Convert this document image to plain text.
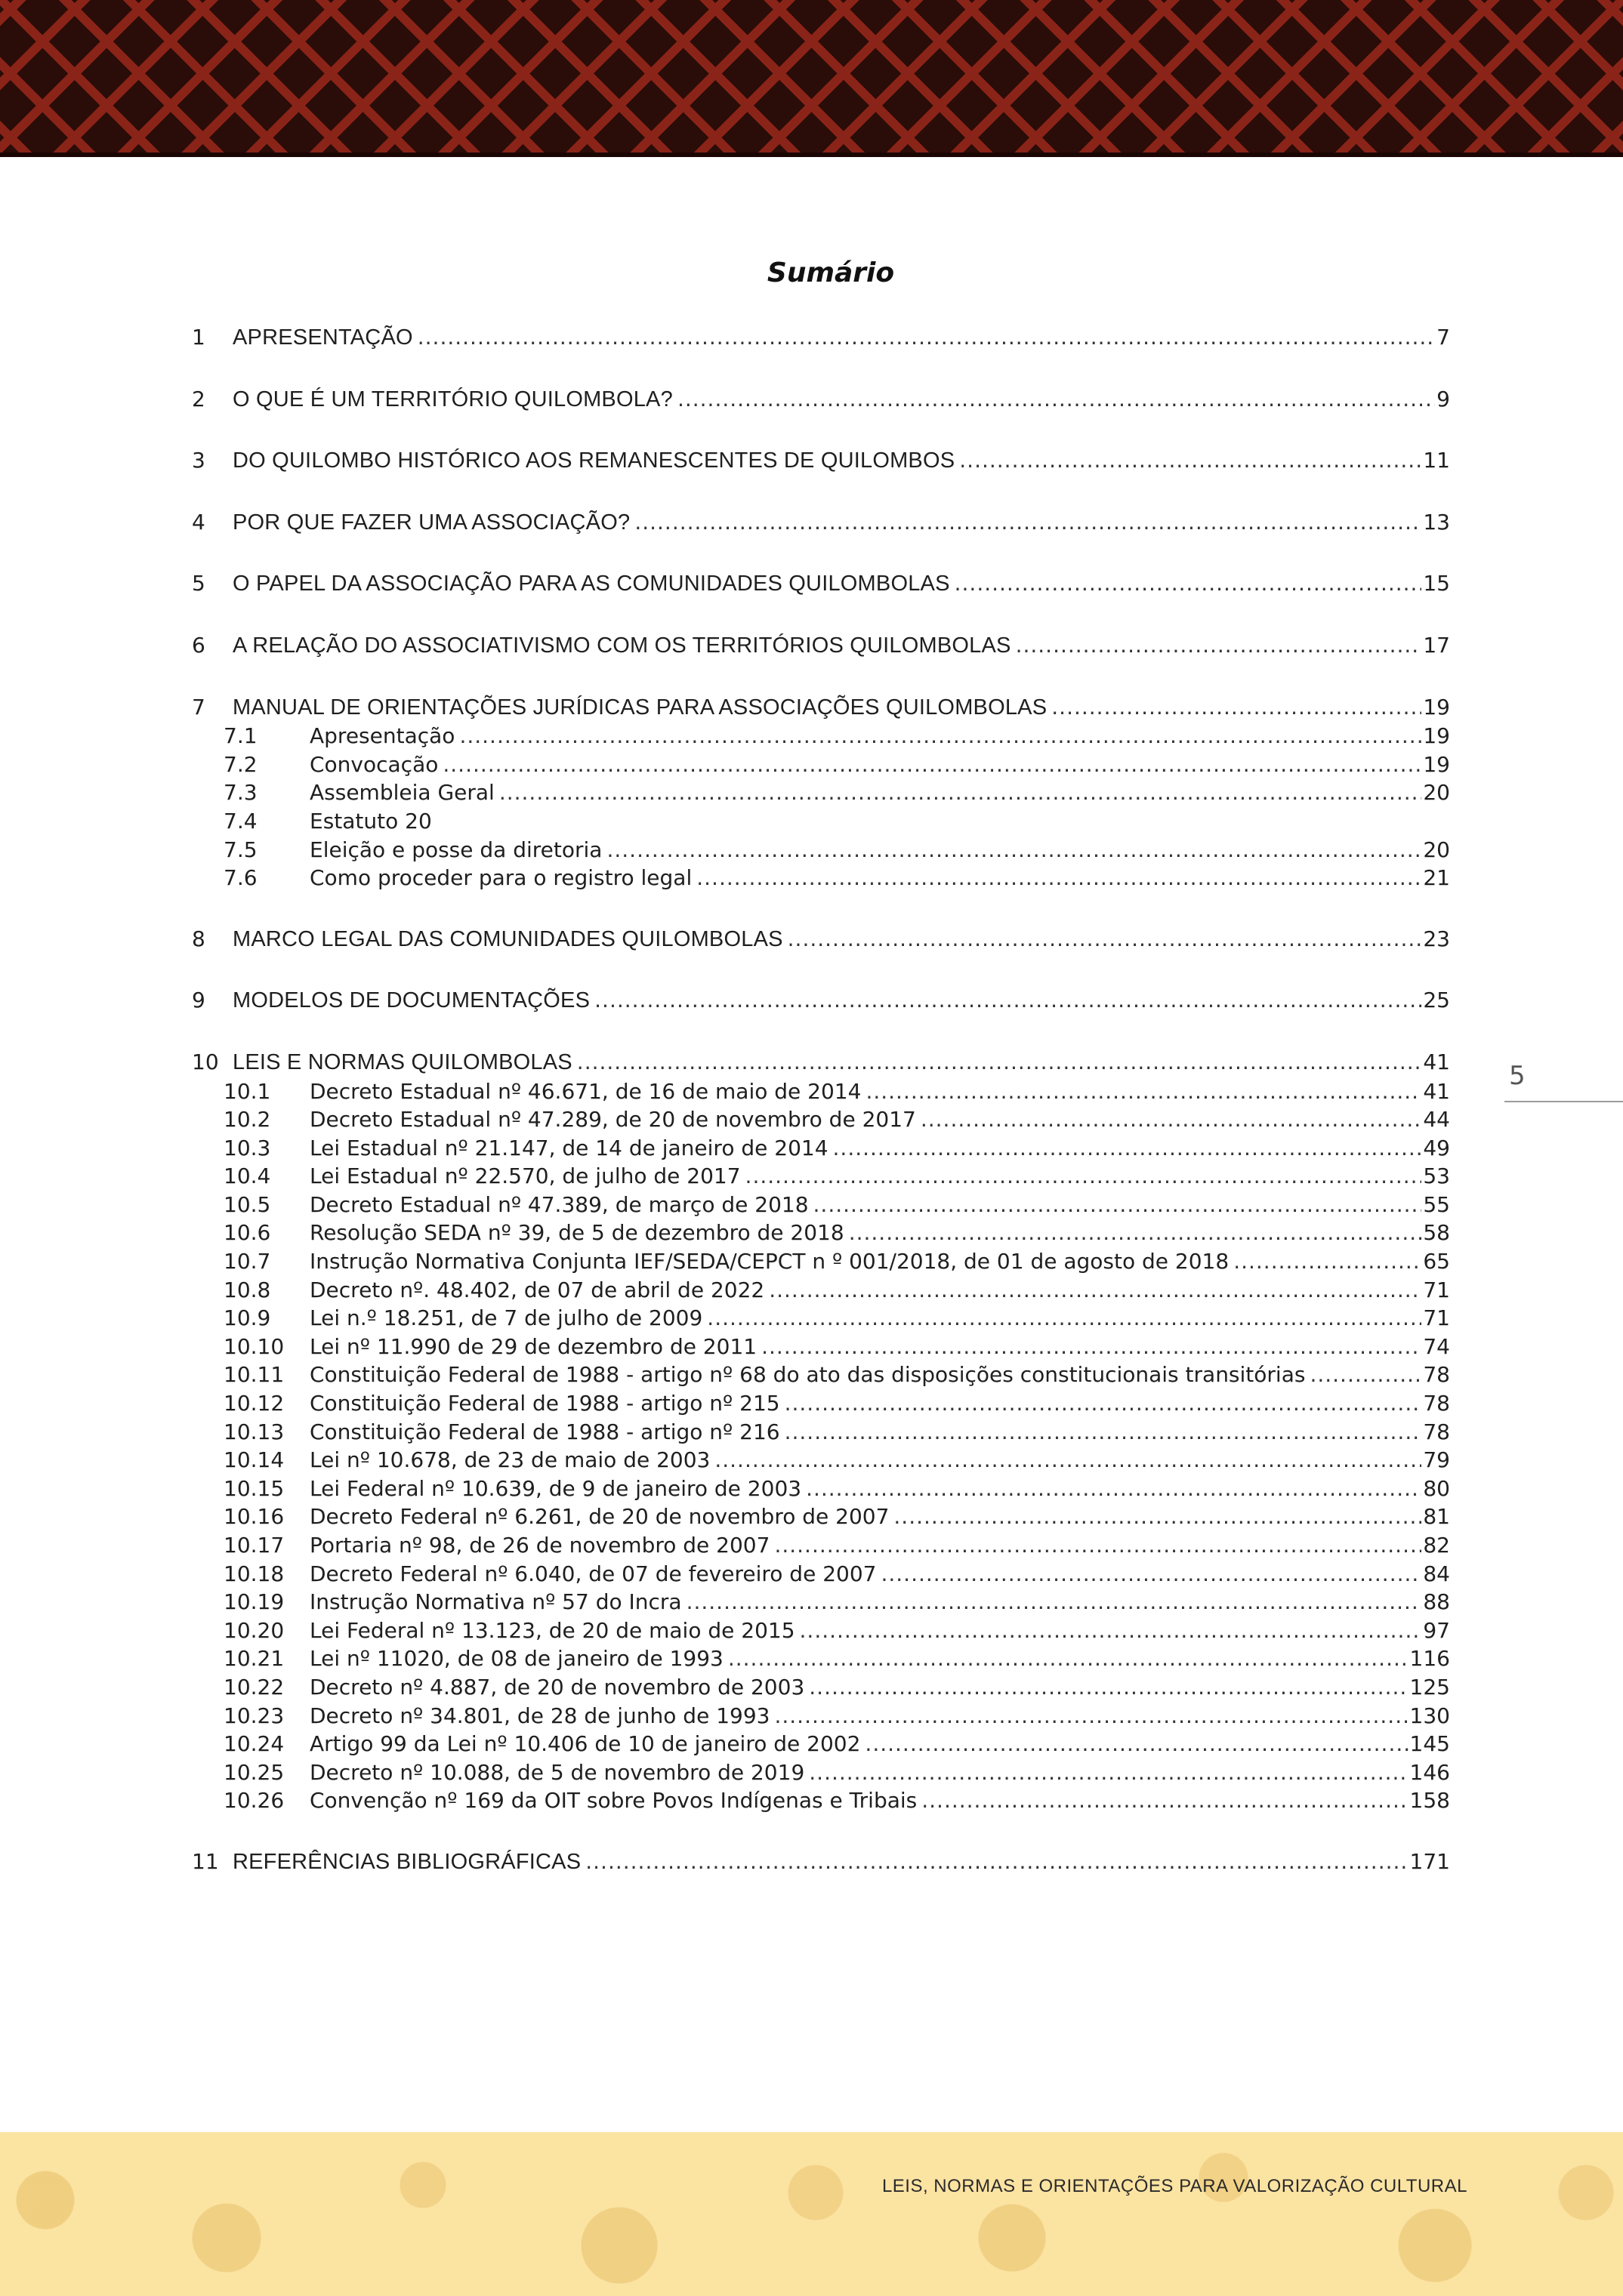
Sumário
1	APRESENTAÇÃO .....	7
2	O QUE É UM TERRITÓRIO QUILOMBOLA? .....	9
3	DO QUILOMBO HISTÓRICO AOS REMANESCENTES DE QUILOMBOS .....	11
4	POR QUE FAZER UMA ASSOCIAÇÃO? .....	13
5	O PAPEL DA ASSOCIAÇÃO PARA AS COMUNIDADES QUILOMBOLAS .....	15
6	A RELAÇÃO DO ASSOCIATIVISMO COM OS TERRITÓRIOS QUILOMBOLAS .....	17
7	MANUAL DE ORIENTAÇÕES JURÍDICAS PARA ASSOCIAÇÕES QUILOMBOLAS .....	19
7.1	Apresentação .....	19
7.2	Convocação .....	19
7.3	Assembleia Geral .....	20
7.4	Estatuto 20
7.5	Eleição e posse da diretoria .....	20
7.6	Como proceder para o registro legal .....	21
8	MARCO LEGAL DAS COMUNIDADES QUILOMBOLAS .....	23
9	MODELOS DE DOCUMENTAÇÕES .....	25
10 LEIS E NORMAS QUILOMBOLAS .....	41
10.1	Decreto Estadual nº 46.671, de 16 de maio de 2014 .....	41
10.2	Decreto Estadual nº 47.289, de 20 de novembro de 2017 .....	44
10.3	Lei Estadual nº 21.147, de 14 de janeiro de 2014 .....	49
10.4	Lei Estadual nº 22.570, de julho de 2017 .....	53
10.5	Decreto Estadual nº 47.389, de março de 2018 .....	55
10.6	Resolução SEDA nº 39, de 5 de dezembro de 2018 .....	58
10.7	Instrução Normativa Conjunta IEF/SEDA/CEPCT n º 001/2018, de 01 de agosto de 2018 .....	65
10.8	Decreto nº. 48.402, de 07 de abril de 2022 .....	71
10.9	Lei n.º 18.251, de 7 de julho de 2009 .....	71
10.10	Lei nº 11.990 de 29 de dezembro de 2011 .....	74
10.11	Constituição Federal de 1988 - artigo nº 68 do ato das disposições constitucionais transitórias .....	78
10.12	Constituição Federal de 1988 - artigo nº 215 .....	78
10.13	Constituição Federal de 1988 - artigo nº 216 .....	78
10.14	Lei nº 10.678, de 23 de maio de 2003 .....	79
10.15	Lei Federal nº 10.639, de 9 de janeiro de 2003 .....	80
10.16	Decreto Federal nº 6.261, de 20 de novembro de 2007 .....	81
10.17	Portaria nº 98, de 26 de novembro de 2007 .....	82
10.18	Decreto Federal nº 6.040, de 07 de fevereiro de 2007 .....	84
10.19	Instrução Normativa nº 57 do Incra .....	88
10.20	Lei Federal nº 13.123, de 20 de maio de 2015 .....	97
10.21	Lei nº 11020, de 08 de janeiro de 1993 .....	116
10.22	Decreto nº 4.887, de 20 de novembro de 2003 .....	125
10.23	Decreto nº 34.801, de 28 de junho de 1993 .....	130
10.24	Artigo 99 da Lei nº 10.406 de 10 de janeiro de 2002 .....	145
10.25	Decreto nº 10.088, de 5 de novembro de 2019 .....	146
10.26	Convenção nº 169 da OIT sobre Povos Indígenas e Tribais .....	158
11 REFERÊNCIAS BIBLIOGRÁFICAS .....	171
5
LEIS, NORMAS E ORIENTAÇÕES PARA VALORIZAÇÃO CULTURAL
